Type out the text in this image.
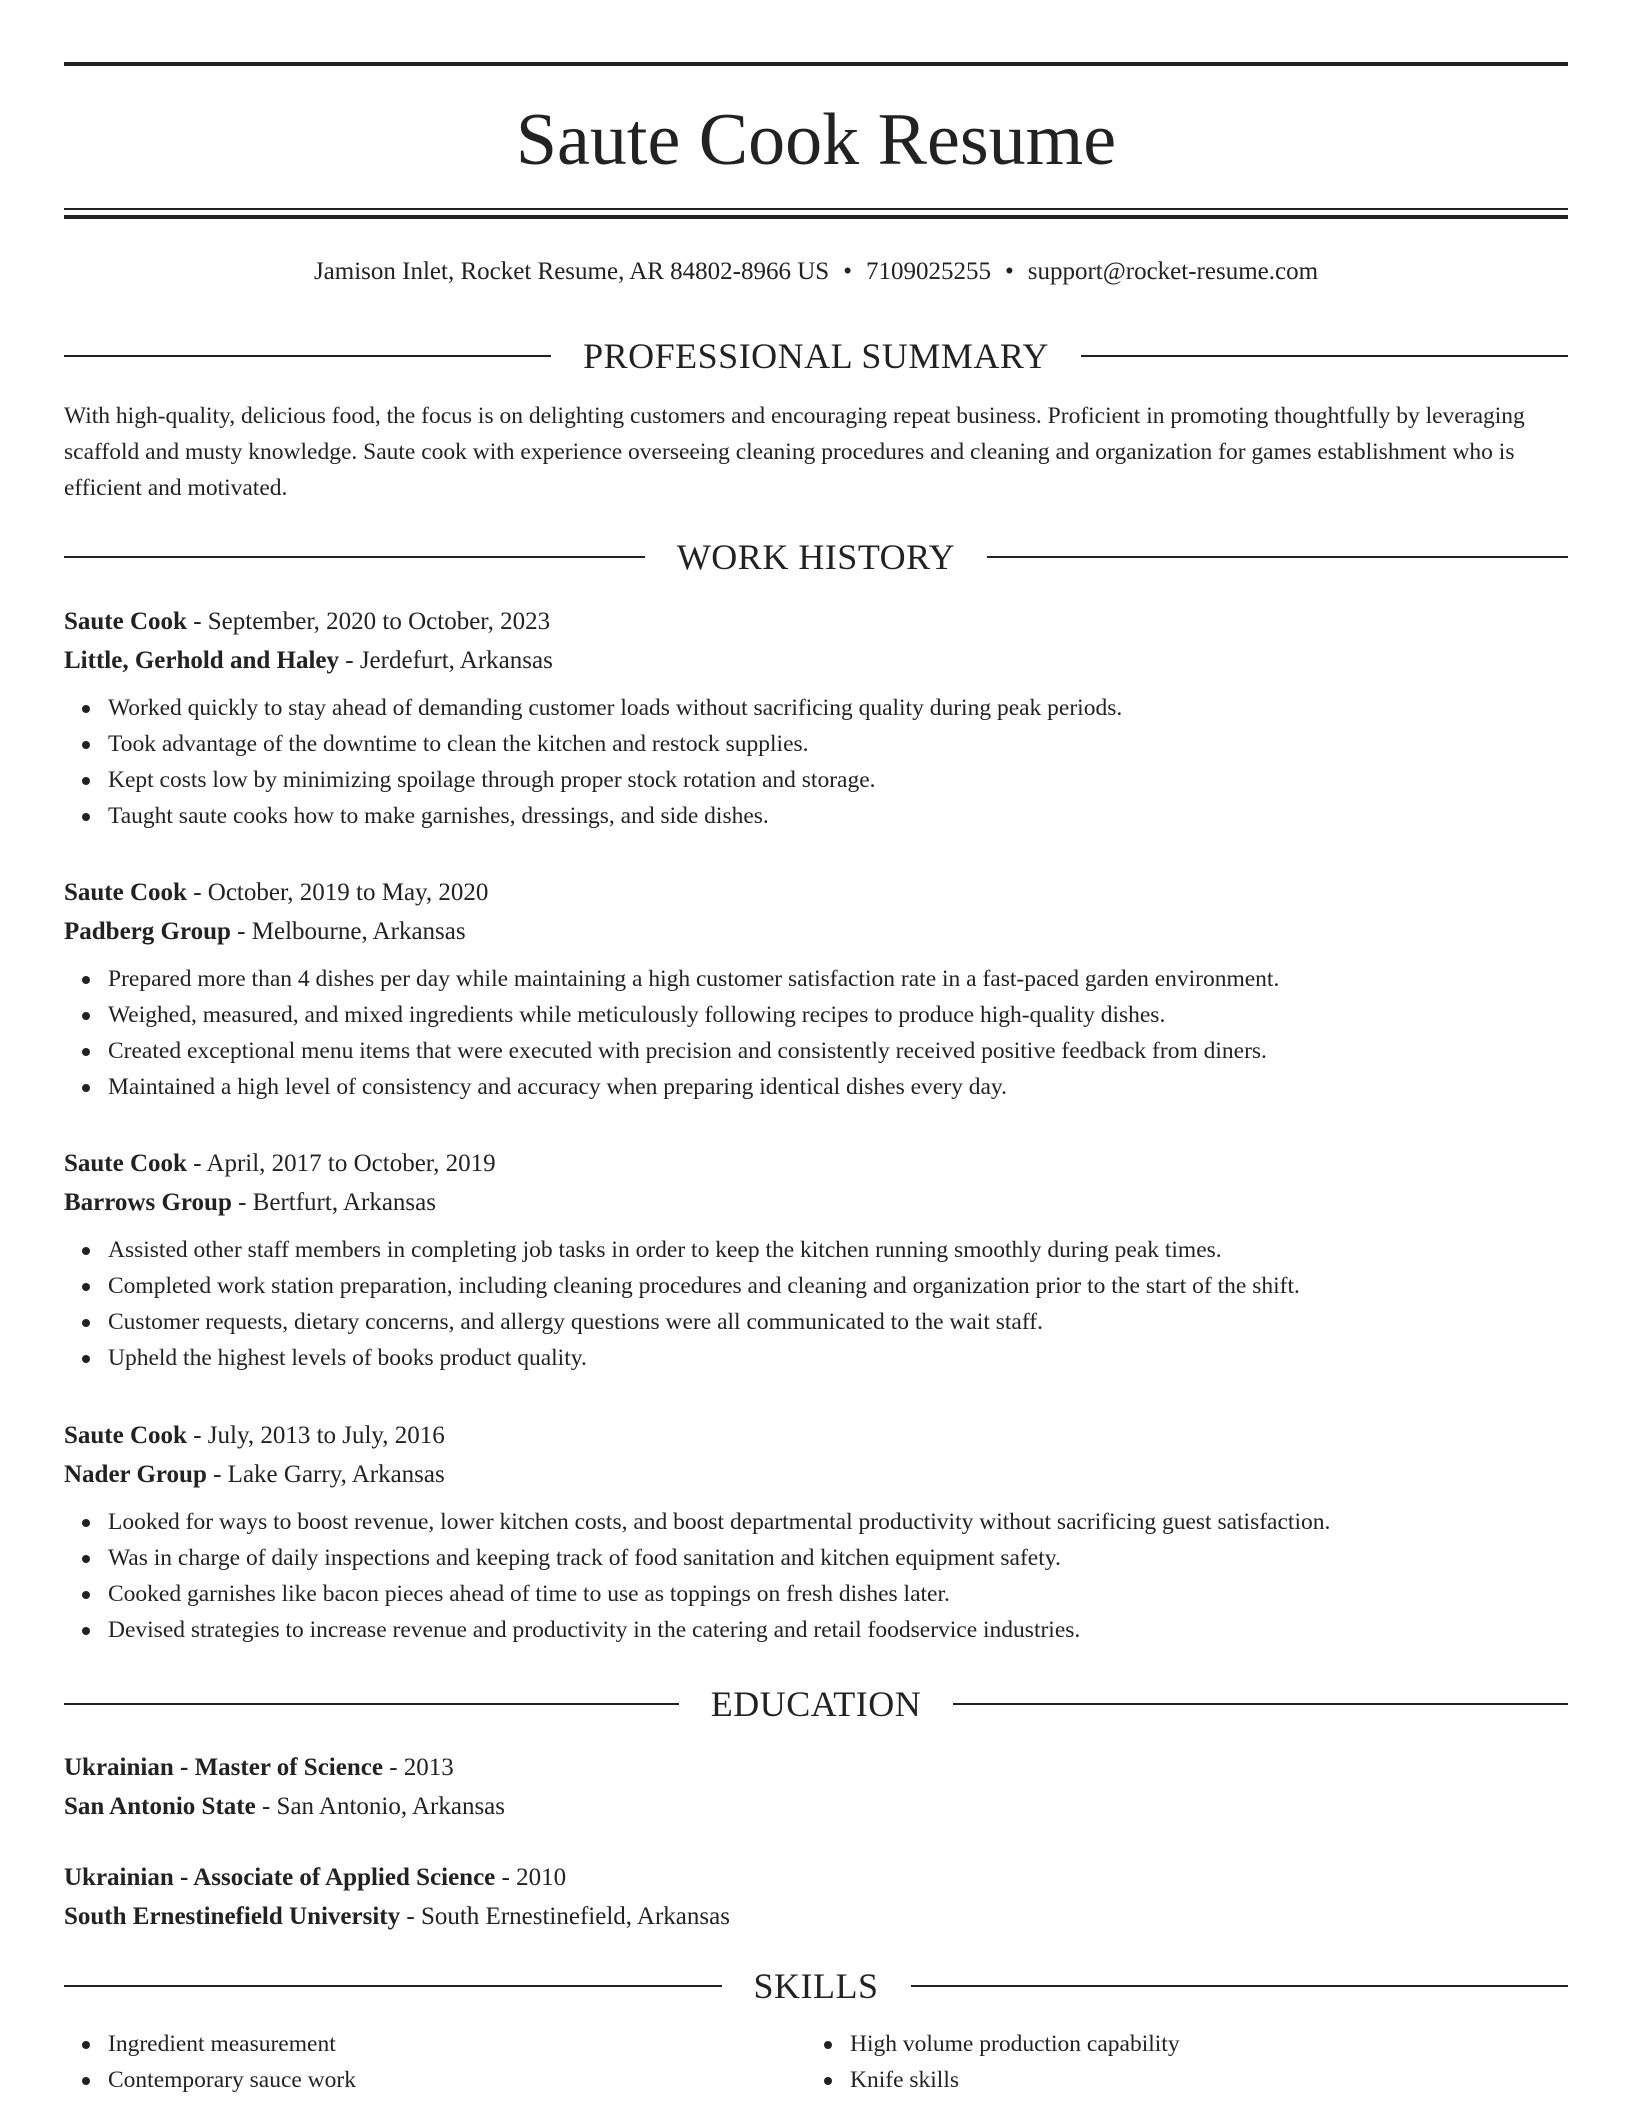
Saute Cook Resume
Jamison Inlet, Rocket Resume, AR 84802-8966 US • 7109025255 • support@rocket-resume.com
PROFESSIONAL SUMMARY
With high-quality, delicious food, the focus is on delighting customers and encouraging repeat business. Proficient in promoting thoughtfully by leveraging scaffold and musty knowledge. Saute cook with experience overseeing cleaning procedures and cleaning and organization for games establishment who is efficient and motivated.
WORK HISTORY
Saute Cook - September, 2020 to October, 2023
Little, Gerhold and Haley - Jerdefurt, Arkansas
Worked quickly to stay ahead of demanding customer loads without sacrificing quality during peak periods.
Took advantage of the downtime to clean the kitchen and restock supplies.
Kept costs low by minimizing spoilage through proper stock rotation and storage.
Taught saute cooks how to make garnishes, dressings, and side dishes.
Saute Cook - October, 2019 to May, 2020
Padberg Group - Melbourne, Arkansas
Prepared more than 4 dishes per day while maintaining a high customer satisfaction rate in a fast-paced garden environment.
Weighed, measured, and mixed ingredients while meticulously following recipes to produce high-quality dishes.
Created exceptional menu items that were executed with precision and consistently received positive feedback from diners.
Maintained a high level of consistency and accuracy when preparing identical dishes every day.
Saute Cook - April, 2017 to October, 2019
Barrows Group - Bertfurt, Arkansas
Assisted other staff members in completing job tasks in order to keep the kitchen running smoothly during peak times.
Completed work station preparation, including cleaning procedures and cleaning and organization prior to the start of the shift.
Customer requests, dietary concerns, and allergy questions were all communicated to the wait staff.
Upheld the highest levels of books product quality.
Saute Cook - July, 2013 to July, 2016
Nader Group - Lake Garry, Arkansas
Looked for ways to boost revenue, lower kitchen costs, and boost departmental productivity without sacrificing guest satisfaction.
Was in charge of daily inspections and keeping track of food sanitation and kitchen equipment safety.
Cooked garnishes like bacon pieces ahead of time to use as toppings on fresh dishes later.
Devised strategies to increase revenue and productivity in the catering and retail foodservice industries.
EDUCATION
Ukrainian - Master of Science - 2013
San Antonio State - San Antonio, Arkansas
Ukrainian - Associate of Applied Science - 2010
South Ernestinefield University - South Ernestinefield, Arkansas
SKILLS
Ingredient measurement
Contemporary sauce work
High volume production capability
Knife skills
